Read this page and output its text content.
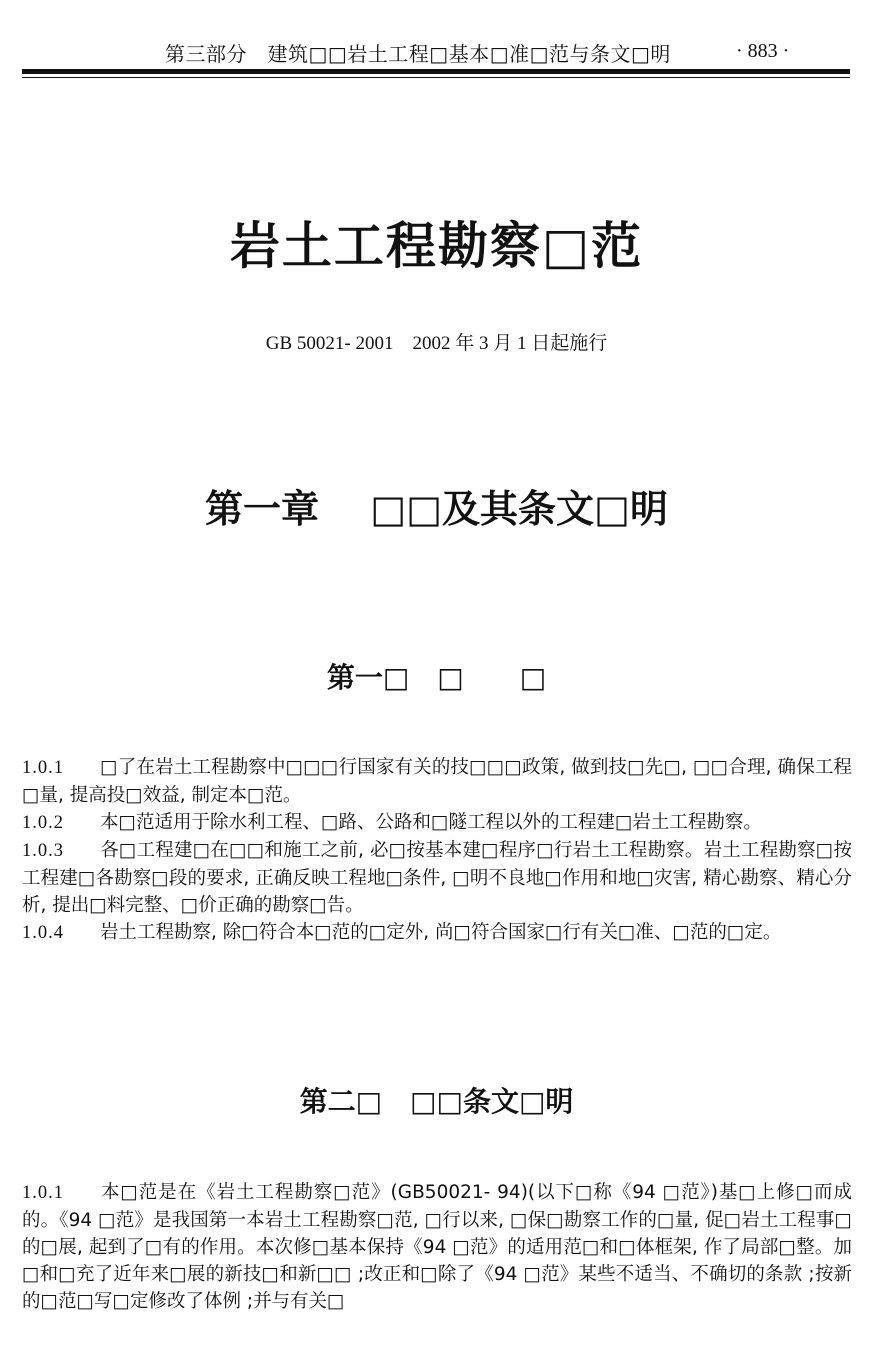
第三部分　建筑□□岩土工程□基本□准□范与条文□明	· 883 ·
岩土工程勘察□范
GB 50021- 2001　2002 年 3 月 1 日起施行
第一章　 □□及其条文□明
第一□　□　　□

1.0.1 □了在岩土工程勘察中□□□行国家有关的技□□□政策, 做到技□先□, □□合理, 确保工程□量, 提高投□效益, 制定本□范。

1.0.2 本□范适用于除水利工程、□路、公路和□隧工程以外的工程建□岩土工程勘察。

1.0.3 各□工程建□在□□和施工之前, 必□按基本建□程序□行岩土工程勘察。岩土工程勘察□按工程建□各勘察□段的要求, 正确反映工程地□条件, □明不良地□作用和地□灾害, 精心勘察、精心分析, 提出□料完整、□价正确的勘察□告。

1.0.4 岩土工程勘察, 除□符合本□范的□定外, 尚□符合国家□行有关□准、□范的□定。

第二□　□□条文□明

1.0.1 本□范是在《岩土工程勘察□范》(GB50021- 94)(以下□称《94 □范》)基□上修□而成的。《94 □范》是我国第一本岩土工程勘察□范, □行以来, □保□勘察工作的□量, 促□岩土工程事□的□展, 起到了□有的作用。本次修□基本保持《94 □范》的适用范□和□体框架, 作了局部□整。加□和□充了近年来□展的新技□和新□□ ;改正和□除了《94 □范》某些不适当、不确切的条款 ;按新的□范□写□定修改了体例 ;并与有关□
